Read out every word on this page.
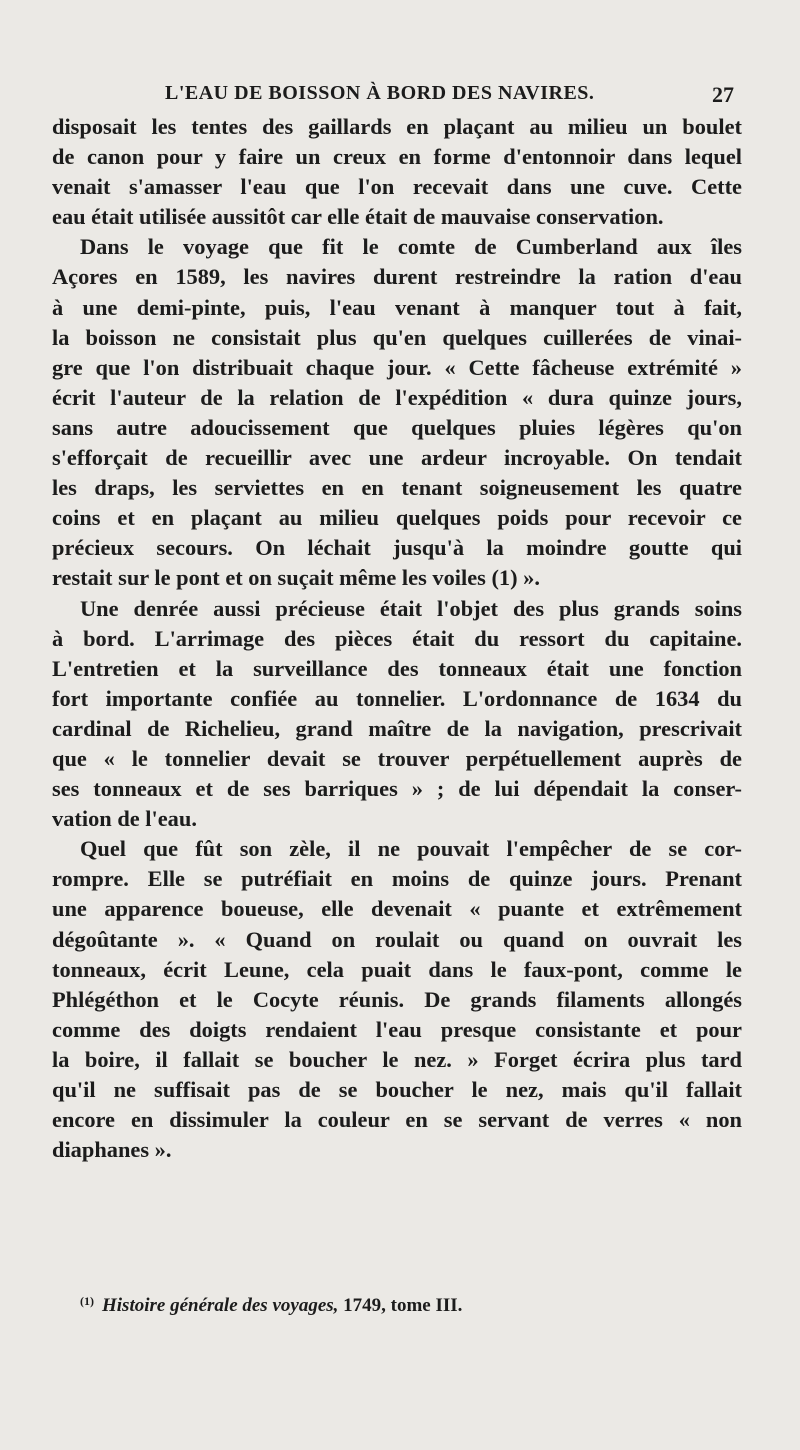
L'EAU DE BOISSON À BORD DES NAVIRES.	27
disposait les tentes des gaillards en plaçant au milieu un boulet
de canon pour y faire un creux en forme d'entonnoir dans lequel
venait s'amasser l'eau que l'on recevait dans une cuve. Cette
eau était utilisée aussitôt car elle était de mauvaise conservation.
Dans le voyage que fit le comte de Cumberland aux îles
Açores en 1589, les navires durent restreindre la ration d'eau
à une demi-pinte, puis, l'eau venant à manquer tout à fait,
la boisson ne consistait plus qu'en quelques cuillerées de vinai-
gre que l'on distribuait chaque jour. « Cette fâcheuse extrémité »
écrit l'auteur de la relation de l'expédition « dura quinze jours,
sans autre adoucissement que quelques pluies légères qu'on
s'efforçait de recueillir avec une ardeur incroyable. On tendait
les draps, les serviettes en en tenant soigneusement les quatre
coins et en plaçant au milieu quelques poids pour recevoir ce
précieux secours. On léchait jusqu'à la moindre goutte qui
restait sur le pont et on suçait même les voiles (1) ».
Une denrée aussi précieuse était l'objet des plus grands soins
à bord. L'arrimage des pièces était du ressort du capitaine.
L'entretien et la surveillance des tonneaux était une fonction
fort importante confiée au tonnelier. L'ordonnance de 1634 du
cardinal de Richelieu, grand maître de la navigation, prescrivait
que « le tonnelier devait se trouver perpétuellement auprès de
ses tonneaux et de ses barriques » ; de lui dépendait la conser-
vation de l'eau.
Quel que fût son zèle, il ne pouvait l'empêcher de se cor-
rompre. Elle se putréfiait en moins de quinze jours. Prenant
une apparence boueuse, elle devenait « puante et extrêmement
dégoûtante ». « Quand on roulait ou quand on ouvrait les
tonneaux, écrit Leune, cela puait dans le faux-pont, comme le
Phlégéthon et le Cocyte réunis. De grands filaments allongés
comme des doigts rendaient l'eau presque consistante et pour
la boire, il fallait se boucher le nez. » Forget écrira plus tard
qu'il ne suffisait pas de se boucher le nez, mais qu'il fallait
encore en dissimuler la couleur en se servant de verres « non
diaphanes ».
$^{(1)}$ Histoire générale des voyages, 1749, tome III.
